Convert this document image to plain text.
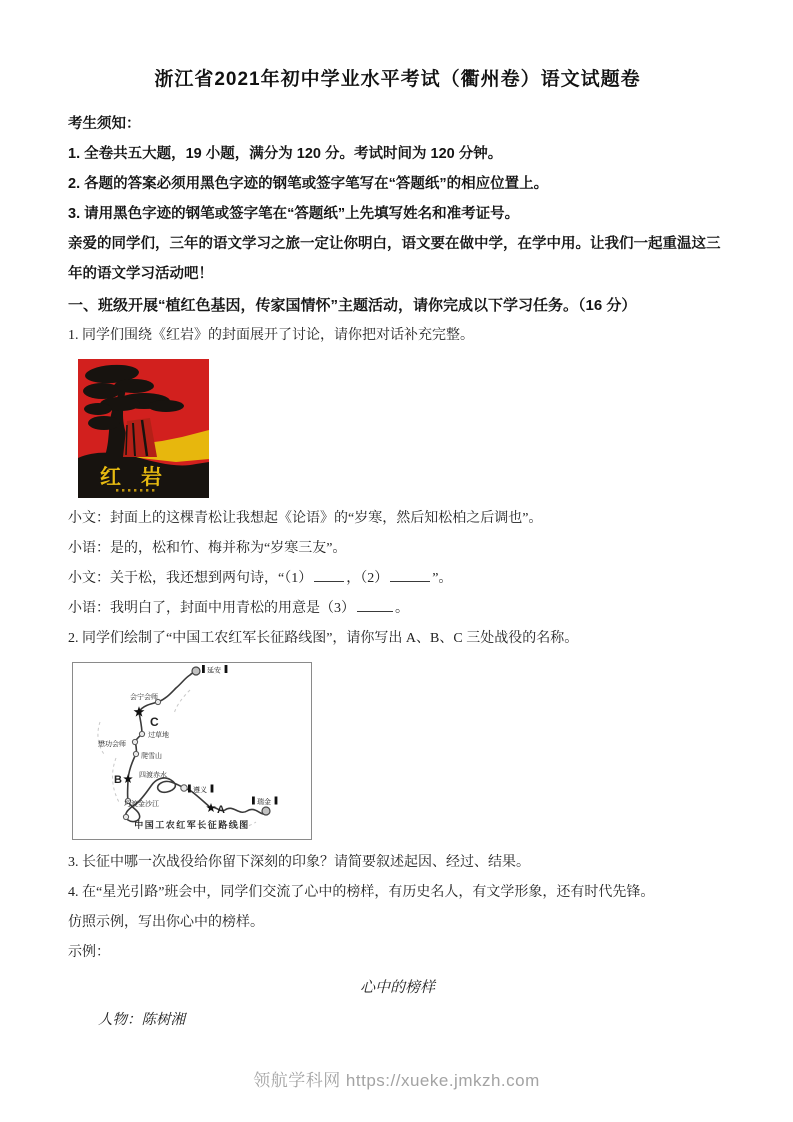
浙江省2021年初中学业水平考试（衢州卷）语文试题卷
考生须知：
1. 全卷共五大题，19 小题，满分为 120 分。考试时间为 120 分钟。
2. 各题的答案必须用黑色字迹的钢笔或签字笔写在“答题纸”的相应位置上。
3. 请用黑色字迹的钢笔或签字笔在“答题纸”上先填写姓名和准考证号。
亲爱的同学们，三年的语文学习之旅一定让你明白，语文要在做中学，在学中用。让我们一起重温这三年的语文学习活动吧！
一、班级开展“植红色基因，传家国情怀”主题活动，请你完成以下学习任务。（16 分）

1. 同学们围绕《红岩》的封面展开了讨论，请你把对话补充完整。

红 岩

小文：封面上的这棵青松让我想起《论语》的“岁寒，然后知松柏之后调也”。

小语：是的，松和竹、梅并称为“岁寒三友”。

小文：关于松，我还想到两句诗，“（1） ，（2）	”。

小语：我明白了，封面中用青松的用意是（3）	。

2. 同学们绘制了“中国工农红军长征路线图”，请你写出 A、B、C 三处战役的名称。

A
B
C
延安
遵义
瑞金
会宁会师
过草地
懋功会师
爬雪山
四渡赤水
巧渡金沙江
中国工农红军长征路线图

3. 长征中哪一次战役给你留下深刻的印象？请简要叙述起因、经过、结果。

4. 在“星光引路”班会中，同学们交流了心中的榜样，有历史名人，有文学形象，还有时代先锋。

仿照示例，写出你心中的榜样。

示例：

心中的榜样

人物：陈树湘

领航学科网 https://xueke.jmkzh.com
